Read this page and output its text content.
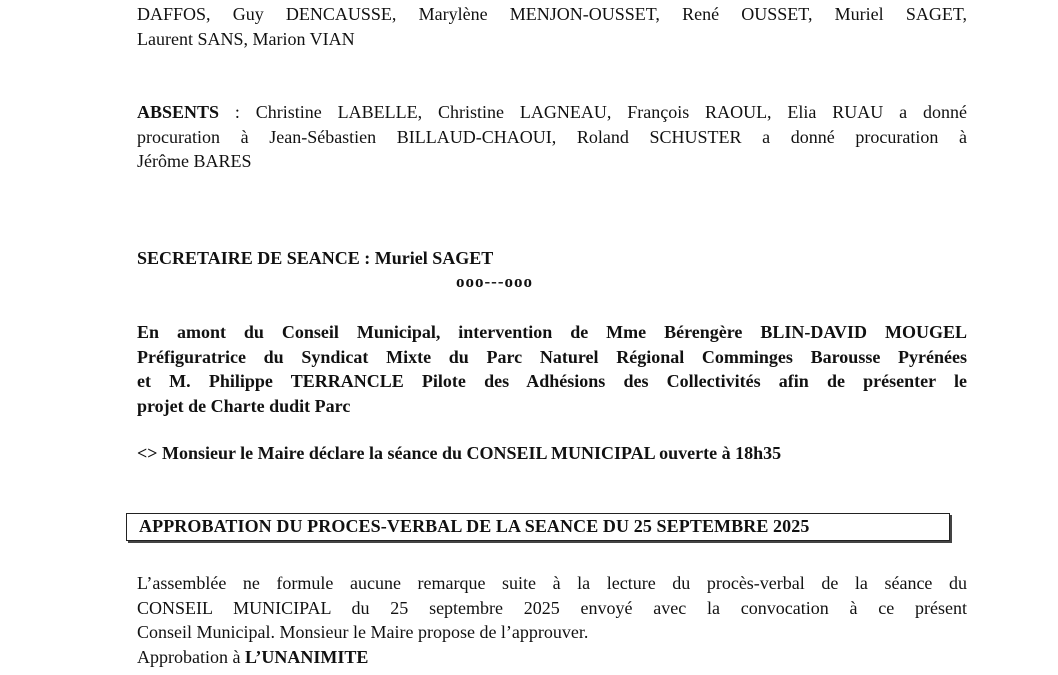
DAFFOS, Guy DENCAUSSE, Marylène MENJON-OUSSET, René OUSSET, Muriel SAGET,
Laurent SANS, Marion VIAN
ABSENTS : Christine LABELLE, Christine LAGNEAU, François RAOUL, Elia RUAU a donné
procuration à Jean-Sébastien BILLAUD-CHAOUI, Roland SCHUSTER a donné procuration à
Jérôme BARES
SECRETAIRE DE SEANCE : Muriel SAGET
ooo---ooo
En amont du Conseil Municipal, intervention de Mme Bérengère BLIN-DAVID MOUGEL
Préfiguratrice du Syndicat Mixte du Parc Naturel Régional Comminges Barousse Pyrénées
et M. Philippe TERRANCLE Pilote des Adhésions des Collectivités afin de présenter le
projet de Charte dudit Parc
<> Monsieur le Maire déclare la séance du CONSEIL MUNICIPAL ouverte à 18h35
APPROBATION DU PROCES-VERBAL DE LA SEANCE DU 25 SEPTEMBRE 2025
L’assemblée ne formule aucune remarque suite à la lecture du procès-verbal de la séance du
CONSEIL MUNICIPAL du 25 septembre 2025 envoyé avec la convocation à ce présent
Conseil Municipal. Monsieur le Maire propose de l’approuver.
Approbation à L’UNANIMITE
